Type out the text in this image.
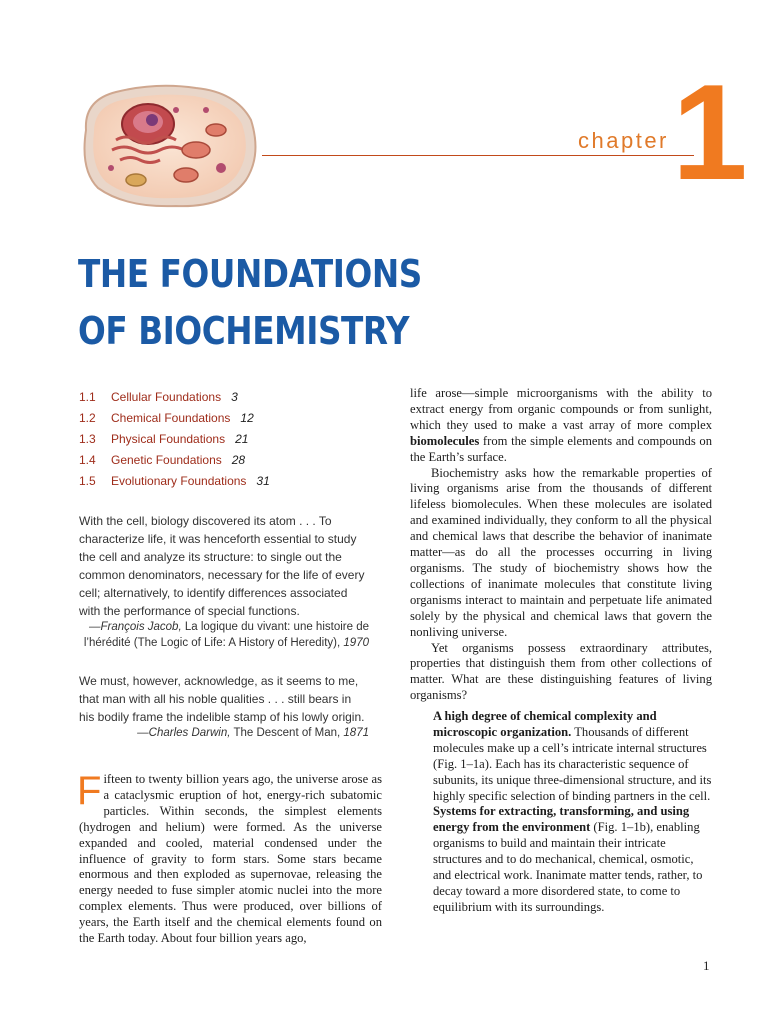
chapter 1
THE FOUNDATIONS
OF BIOCHEMISTRY
1.1	Cellular Foundations 3
1.2	Chemical Foundations 12
1.3	Physical Foundations 21
1.4	Genetic Foundations 28
1.5	Evolutionary Foundations 31
With the cell, biology discovered its atom . . . To characterize life, it was henceforth essential to study the cell and analyze its structure: to single out the common denominators, necessary for the life of every cell; alternatively, to identify differences associated with the performance of special functions.
—François Jacob, La logique du vivant: une histoire de l’hérédité (The Logic of Life: A History of Heredity), 1970
We must, however, acknowledge, as it seems to me, that man with all his noble qualities . . . still bears in his bodily frame the indelible stamp of his lowly origin.
—Charles Darwin, The Descent of Man, 1871

Fifteen to twenty billion years ago, the universe arose as a cataclysmic eruption of hot, energy-rich subatomic particles. Within seconds, the simplest elements (hydrogen and helium) were formed. As the universe expanded and cooled, material condensed under the influence of gravity to form stars. Some stars became enormous and then exploded as supernovae, releasing the energy needed to fuse simpler atomic nuclei into the more complex elements. Thus were produced, over billions of years, the Earth itself and the chemical elements found on the Earth today. About four billion years ago,

life arose—simple microorganisms with the ability to extract energy from organic compounds or from sunlight, which they used to make a vast array of more complex biomolecules from the simple elements and compounds on the Earth’s surface.

Biochemistry asks how the remarkable properties of living organisms arise from the thousands of different lifeless biomolecules. When these molecules are isolated and examined individually, they conform to all the physical and chemical laws that describe the behavior of inanimate matter—as do all the processes occurring in living organisms. The study of biochemistry shows how the collections of inanimate molecules that constitute living organisms interact to maintain and perpetuate life animated solely by the physical and chemical laws that govern the nonliving universe.

Yet organisms possess extraordinary attributes, properties that distinguish them from other collections of matter. What are these distinguishing features of living organisms?

A high degree of chemical complexity and microscopic organization. Thousands of different molecules make up a cell’s intricate internal structures (Fig. 1–1a). Each has its characteristic sequence of subunits, its unique three-dimensional structure, and its highly specific selection of binding partners in the cell.

Systems for extracting, transforming, and using energy from the environment (Fig. 1–1b), enabling organisms to build and maintain their intricate structures and to do mechanical, chemical, osmotic, and electrical work. Inanimate matter tends, rather, to decay toward a more disordered state, to come to equilibrium with its surroundings.

1
